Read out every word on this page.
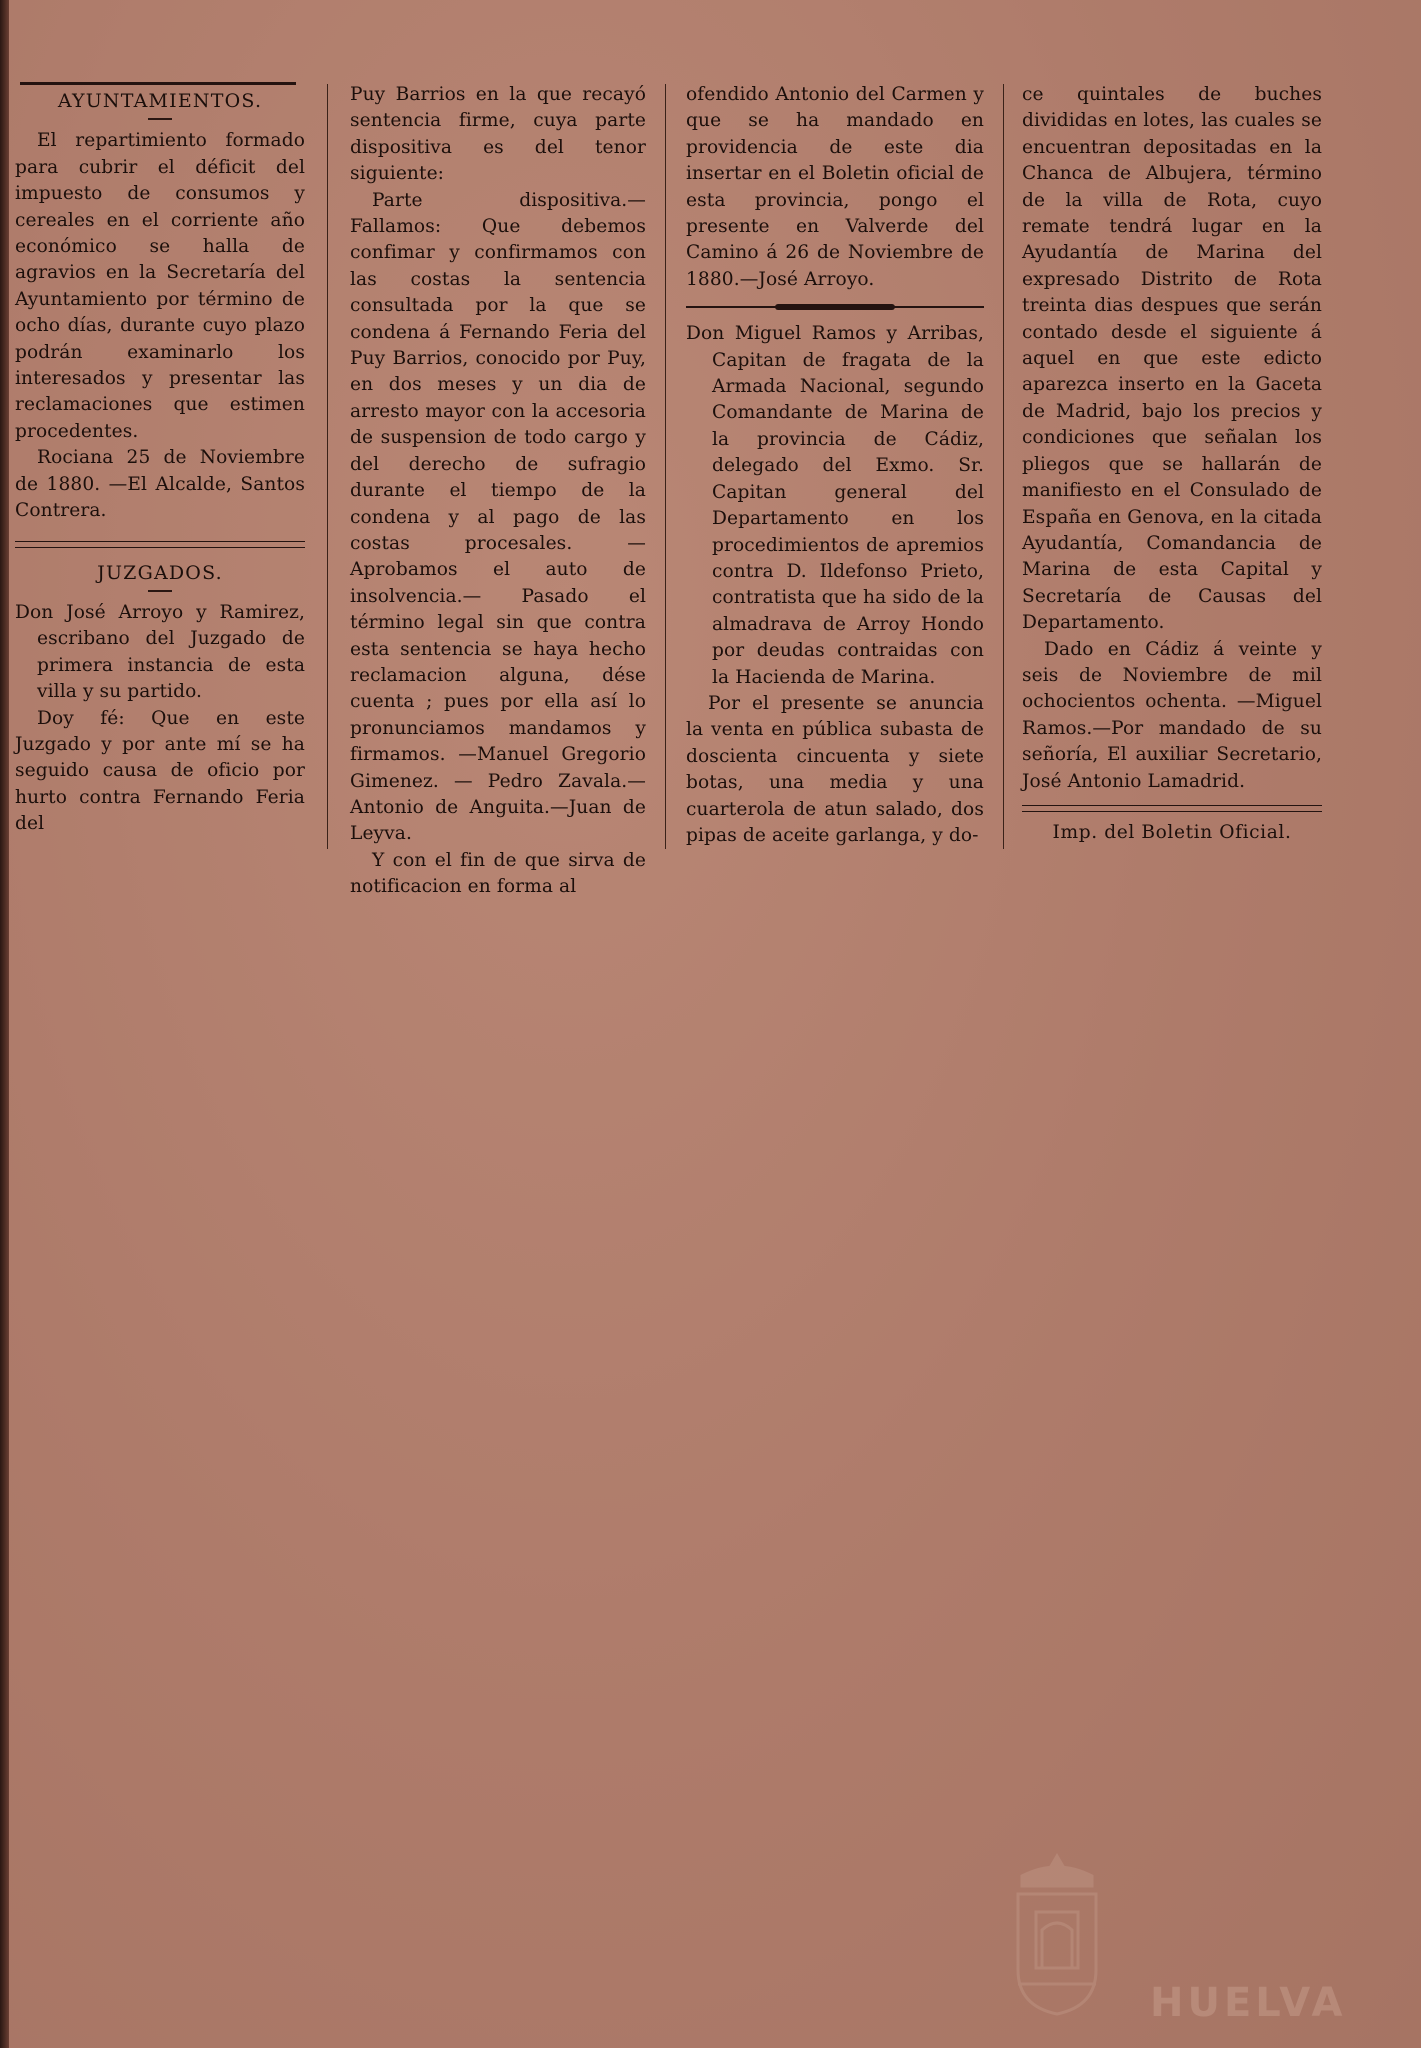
AYUNTAMIENTOS.

El repartimiento formado para cubrir el déficit del impuesto de consumos y cereales en el corriente año económico se halla de agravios en la Secretaría del Ayuntamiento por término de ocho días, durante cuyo plazo podrán examinarlo los interesados y presentar las reclamaciones que estimen procedentes.

Rociana 25 de Noviembre de 1880. —El Alcalde, Santos Contrera.

JUZGADOS.

Don José Arroyo y Ramirez, escribano del Juzgado de primera instancia de esta villa y su partido.

Doy fé: Que en este Juzgado y por ante mí se ha seguido causa de oficio por hurto contra Fernando Feria del

Puy Barrios en la que recayó sentencia firme, cuya parte dispositiva es del tenor siguiente:

Parte dispositiva.—Fallamos: Que debemos confimar y confirmamos con las costas la sentencia consultada por la que se condena á Fernando Feria del Puy Barrios, conocido por Puy, en dos meses y un dia de arresto mayor con la accesoria de suspension de todo cargo y del derecho de sufragio durante el tiempo de la condena y al pago de las costas procesales. —Aprobamos el auto de insolvencia.— Pasado el término legal sin que contra esta sentencia se haya hecho reclamacion alguna, dése cuenta ; pues por ella así lo pronunciamos mandamos y firmamos. —Manuel Gregorio Gimenez. — Pedro Zavala.—Antonio de Anguita.—Juan de Leyva.

Y con el fin de que sirva de notificacion en forma al

ofendido Antonio del Carmen y que se ha mandado en providencia de este dia insertar en el Boletin oficial de esta provincia, pongo el presente en Valverde del Camino á 26 de Noviembre de 1880.—José Arroyo.

Don Miguel Ramos y Arribas, Capitan de fragata de la Armada Nacional, segundo Comandante de Marina de la provincia de Cádiz, delegado del Exmo. Sr. Capitan general del Departamento en los procedimientos de apremios contra D. Ildefonso Prieto, contratista que ha sido de la almadrava de Arroy Hondo por deudas contraidas con la Hacienda de Marina.

Por el presente se anuncia la venta en pública subasta de doscienta cincuenta y siete botas, una media y una cuarterola de atun salado, dos pipas de aceite garlanga, y do-

ce quintales de buches divididas en lotes, las cuales se encuentran depositadas en la Chanca de Albujera, término de la villa de Rota, cuyo remate tendrá lugar en la Ayudantía de Marina del expresado Distrito de Rota treinta dias despues que serán contado desde el siguiente á aquel en que este edicto aparezca inserto en la Gaceta de Madrid, bajo los precios y condiciones que señalan los pliegos que se hallarán de manifiesto en el Consulado de España en Genova, en la citada Ayudantía, Comandancia de Marina de esta Capital y Secretaría de Causas del Departamento.

Dado en Cádiz á veinte y seis de Noviembre de mil ochocientos ochenta. —Miguel Ramos.—Por mandado de su señoría, El auxiliar Secretario, José Antonio Lamadrid.

Imp. del Boletin Oficial.
HUELVA
